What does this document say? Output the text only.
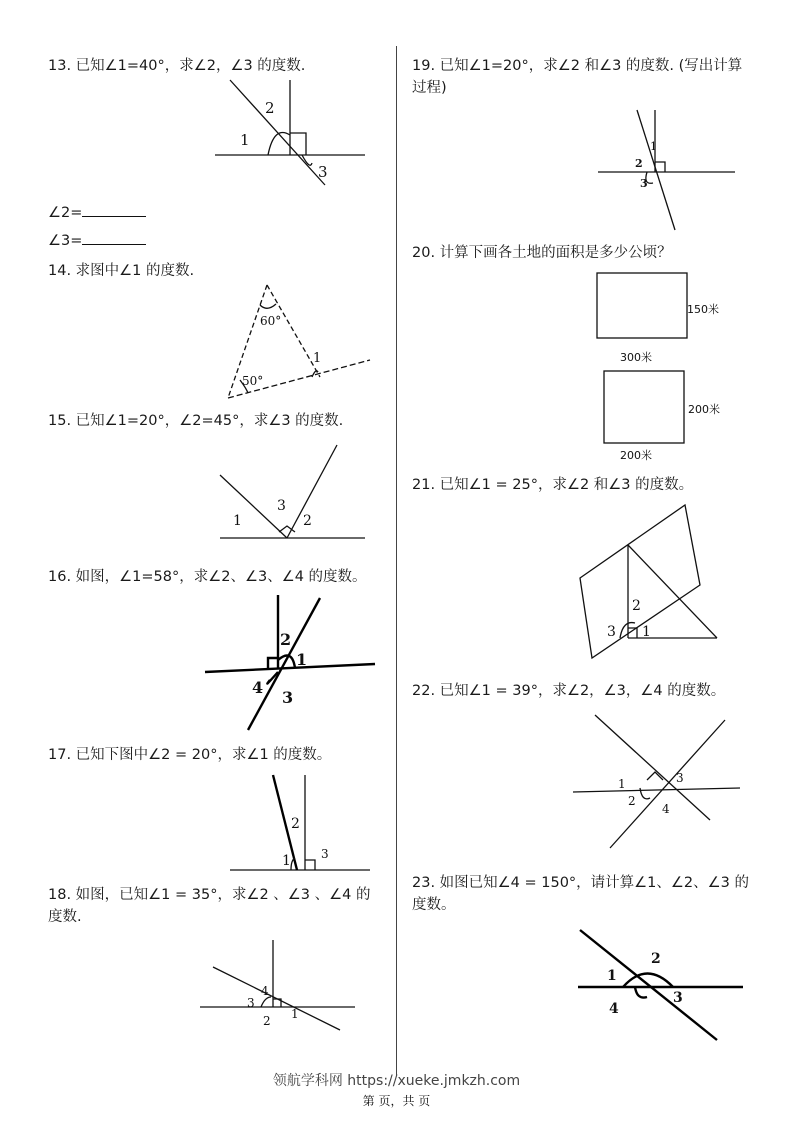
13. 已知∠1=40°，求∠2，∠3 的度数.
1
2
3
∠2=
∠3=
14. 求图中∠1 的度数.
60°
50°
1
15. 已知∠1=20°，∠2=45°，求∠3 的度数.
1
3
2
16. 如图，∠1=58°，求∠2、∠3、∠4 的度数。
2
1
4
3
17. 已知下图中∠2 = 20°，求∠1 的度数。
2
1	3
18. 如图，已知∠1 = 35°，求∠2 、∠3 、∠4 的度数.
4
3
1
2
19. 已知∠1=20°，求∠2 和∠3 的度数. (写出计算过程)
1
2
3
20. 计算下画各土地的面积是多少公顷？
150米
300米
200米
200米
21. 已知∠1 = 25°，求∠2 和∠3 的度数。
2
3 1
22. 已知∠1 = 39°，求∠2，∠3，∠4 的度数。
1	3
2
4
23. 如图已知∠4 = 150°，请计算∠1、∠2、∠3 的度数。
2
1
3
4
领航学科网 https://xueke.jmkzh.com
第 页，共 页
